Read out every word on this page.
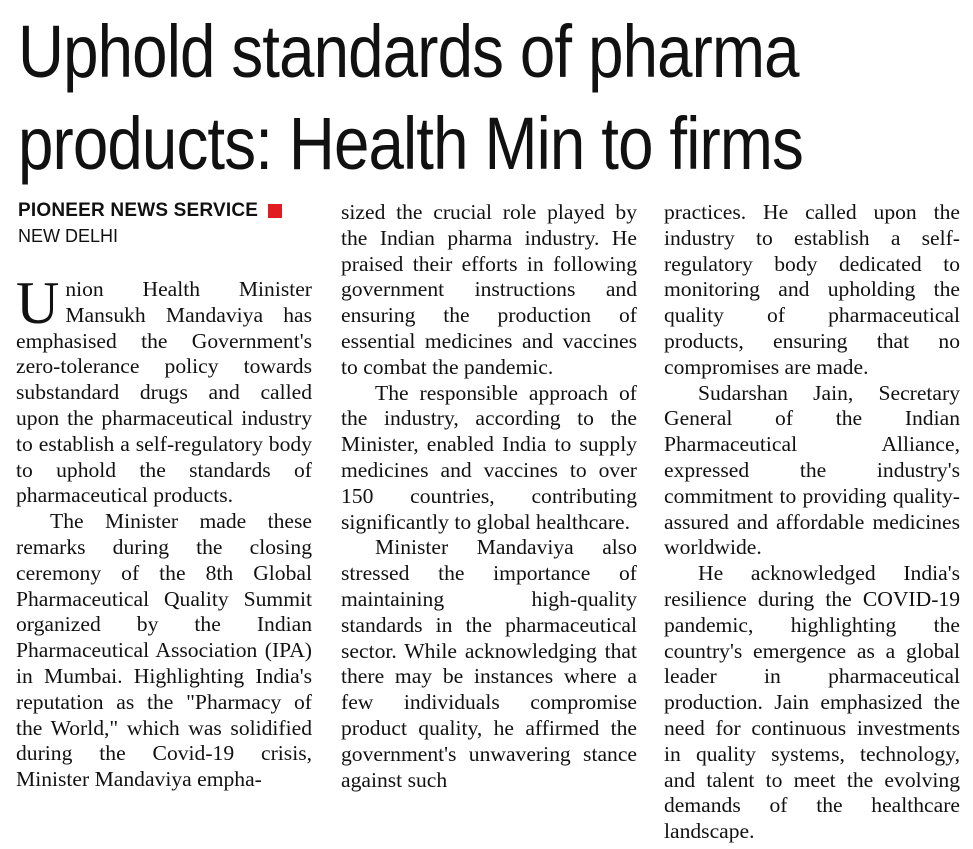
Uphold standards of pharma
products: Health Min to firms
PIONEER NEWS SERVICE
NEW DELHI

Union Health Minister Mansukh Mandaviya has emphasised the Government's zero-tolerance policy towards substandard drugs and called upon the pharmaceutical industry to establish a self-regulatory body to uphold the standards of pharmaceutical products.

The Minister made these remarks during the closing ceremony of the 8th Global Pharmaceutical Quality Summit organized by the Indian Pharmaceutical Association (IPA) in Mumbai. Highlighting India's reputation as the "Pharmacy of the World," which was solidified during the Covid-19 crisis, Minister Mandaviya empha-

sized the crucial role played by the Indian pharma industry. He praised their efforts in following government instructions and ensuring the production of essential medicines and vaccines to combat the pandemic.

The responsible approach of the industry, according to the Minister, enabled India to supply medicines and vaccines to over 150 countries, contributing significantly to global healthcare.

Minister Mandaviya also stressed the importance of maintaining high-quality standards in the pharmaceutical sector. While acknowledging that there may be instances where a few individuals compromise product quality, he affirmed the government's unwavering stance against such

practices. He called upon the industry to establish a self-regulatory body dedicated to monitoring and upholding the quality of pharmaceutical products, ensuring that no compromises are made.

Sudarshan Jain, Secretary General of the Indian Pharmaceutical Alliance, expressed the industry's commitment to providing quality-assured and affordable medicines worldwide.

He acknowledged India's resilience during the COVID-19 pandemic, highlighting the country's emergence as a global leader in pharmaceutical production. Jain emphasized the need for continuous investments in quality systems, technology, and talent to meet the evolving demands of the healthcare landscape.
